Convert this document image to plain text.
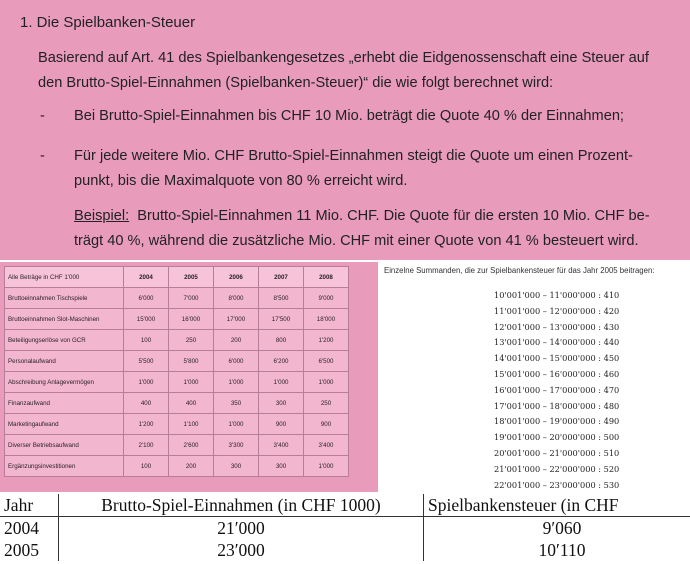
1. Die Spielbanken-Steuer
Basierend auf Art. 41 des Spielbankengesetzes „erhebt die Eidgenossenschaft eine Steuer auf
den Brutto-Spiel-Einnahmen (Spielbanken-Steuer)“ die wie folgt berechnet wird:
- Bei Brutto-Spiel-Einnahmen bis CHF 10 Mio. beträgt die Quote 40 % der Einnahmen;
- Für jede weitere Mio. CHF Brutto-Spiel-Einnahmen steigt die Quote um einen Prozent-
punkt, bis die Maximalquote von 80 % erreicht wird.
Beispiel: Brutto-Spiel-Einnahmen 11 Mio. CHF. Die Quote für die ersten 10 Mio. CHF be-
trägt 40 %, während die zusätzliche Mio. CHF mit einer Quote von 41 % besteuert wird.
Alle Beträge in CHF 1'000	2004	2005	2006	2007	2008
Bruttoeinnahmen Tischspiele	6'000	7'000	8'000	8'500	9'000
Bruttoeinnahmen Slot-Maschinen	15'000	16'000	17'000	17'500	18'000
Beteiligungserlöse von GCR	100	250	200	800	1'200
Personalaufwand	5'500	5'800	6'000	6'200	6'500
Abschreibung Anlagevermögen	1'000	1'000	1'000	1'000	1'000
Finanzaufwand	400	400	350	300	250
Marketingaufwand	1'200	1'100	1'000	900	900
Diverser Betriebsaufwand	2'100	2'600	3'300	3'400	3'400
Ergänzungsinvestitionen	100	200	300	300	1'000
Einzelne Summanden, die zur Spielbankensteuer für das Jahr 2005 beitragen:
10'001'000 – 11'000'000 : 410
11'001'000 – 12'000'000 : 420
12'001'000 – 13'000'000 : 430
13'001'000 – 14'000'000 : 440
14'001'000 – 15'000'000 : 450
15'001'000 – 16'000'000 : 460
16'001'000 – 17'000'000 : 470
17'001'000 – 18'000'000 : 480
18'001'000 – 19'000'000 : 490
19'001'000 – 20'000'000 : 500
20'001'000 – 21'000'000 : 510
21'001'000 – 22'000'000 : 520
22'001'000 – 23'000'000 : 530
Jahr	Brutto-Spiel-Einnahmen (in CHF 1000)	Spielbankensteuer (in CHF
2004	21′000	9′060
2005	23′000	10′110
